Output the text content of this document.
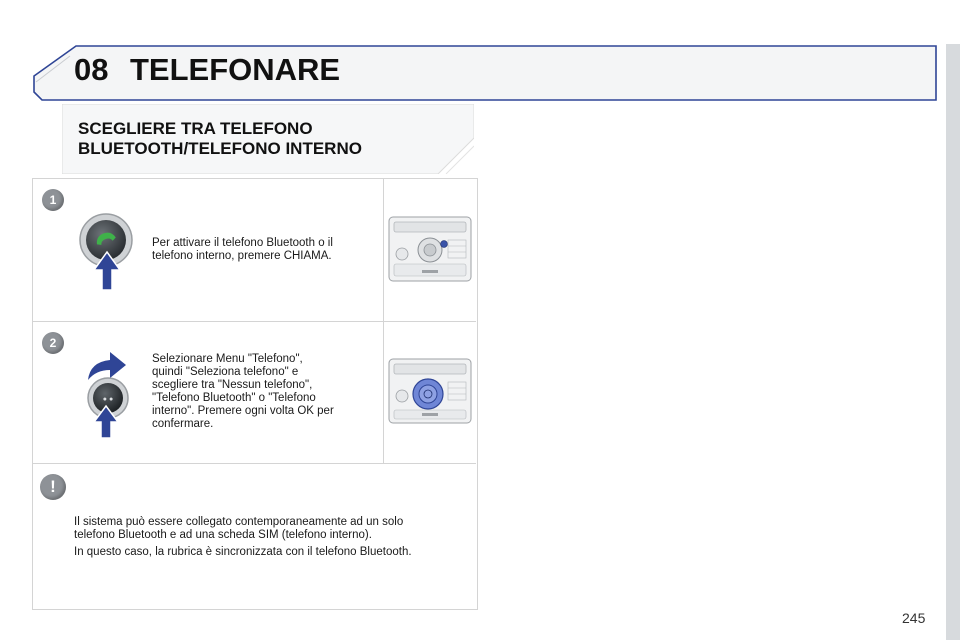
08 TELEFONARE
SCEGLIERE TRA TELEFONO
BLUETOOTH/TELEFONO INTERNO
1
Per attivare il telefono Bluetooth o il
telefono interno, premere CHIAMA.
2
● ●
Selezionare Menu "Telefono",
quindi "Seleziona telefono" e
scegliere tra "Nessun telefono",
"Telefono Bluetooth" o "Telefono
interno". Premere ogni volta OK per
confermare.
!

Il sistema può essere collegato contemporaneamente ad un solo
telefono Bluetooth e ad una scheda SIM (telefono interno).

In questo caso, la rubrica è sincronizzata con il telefono Bluetooth.

245
